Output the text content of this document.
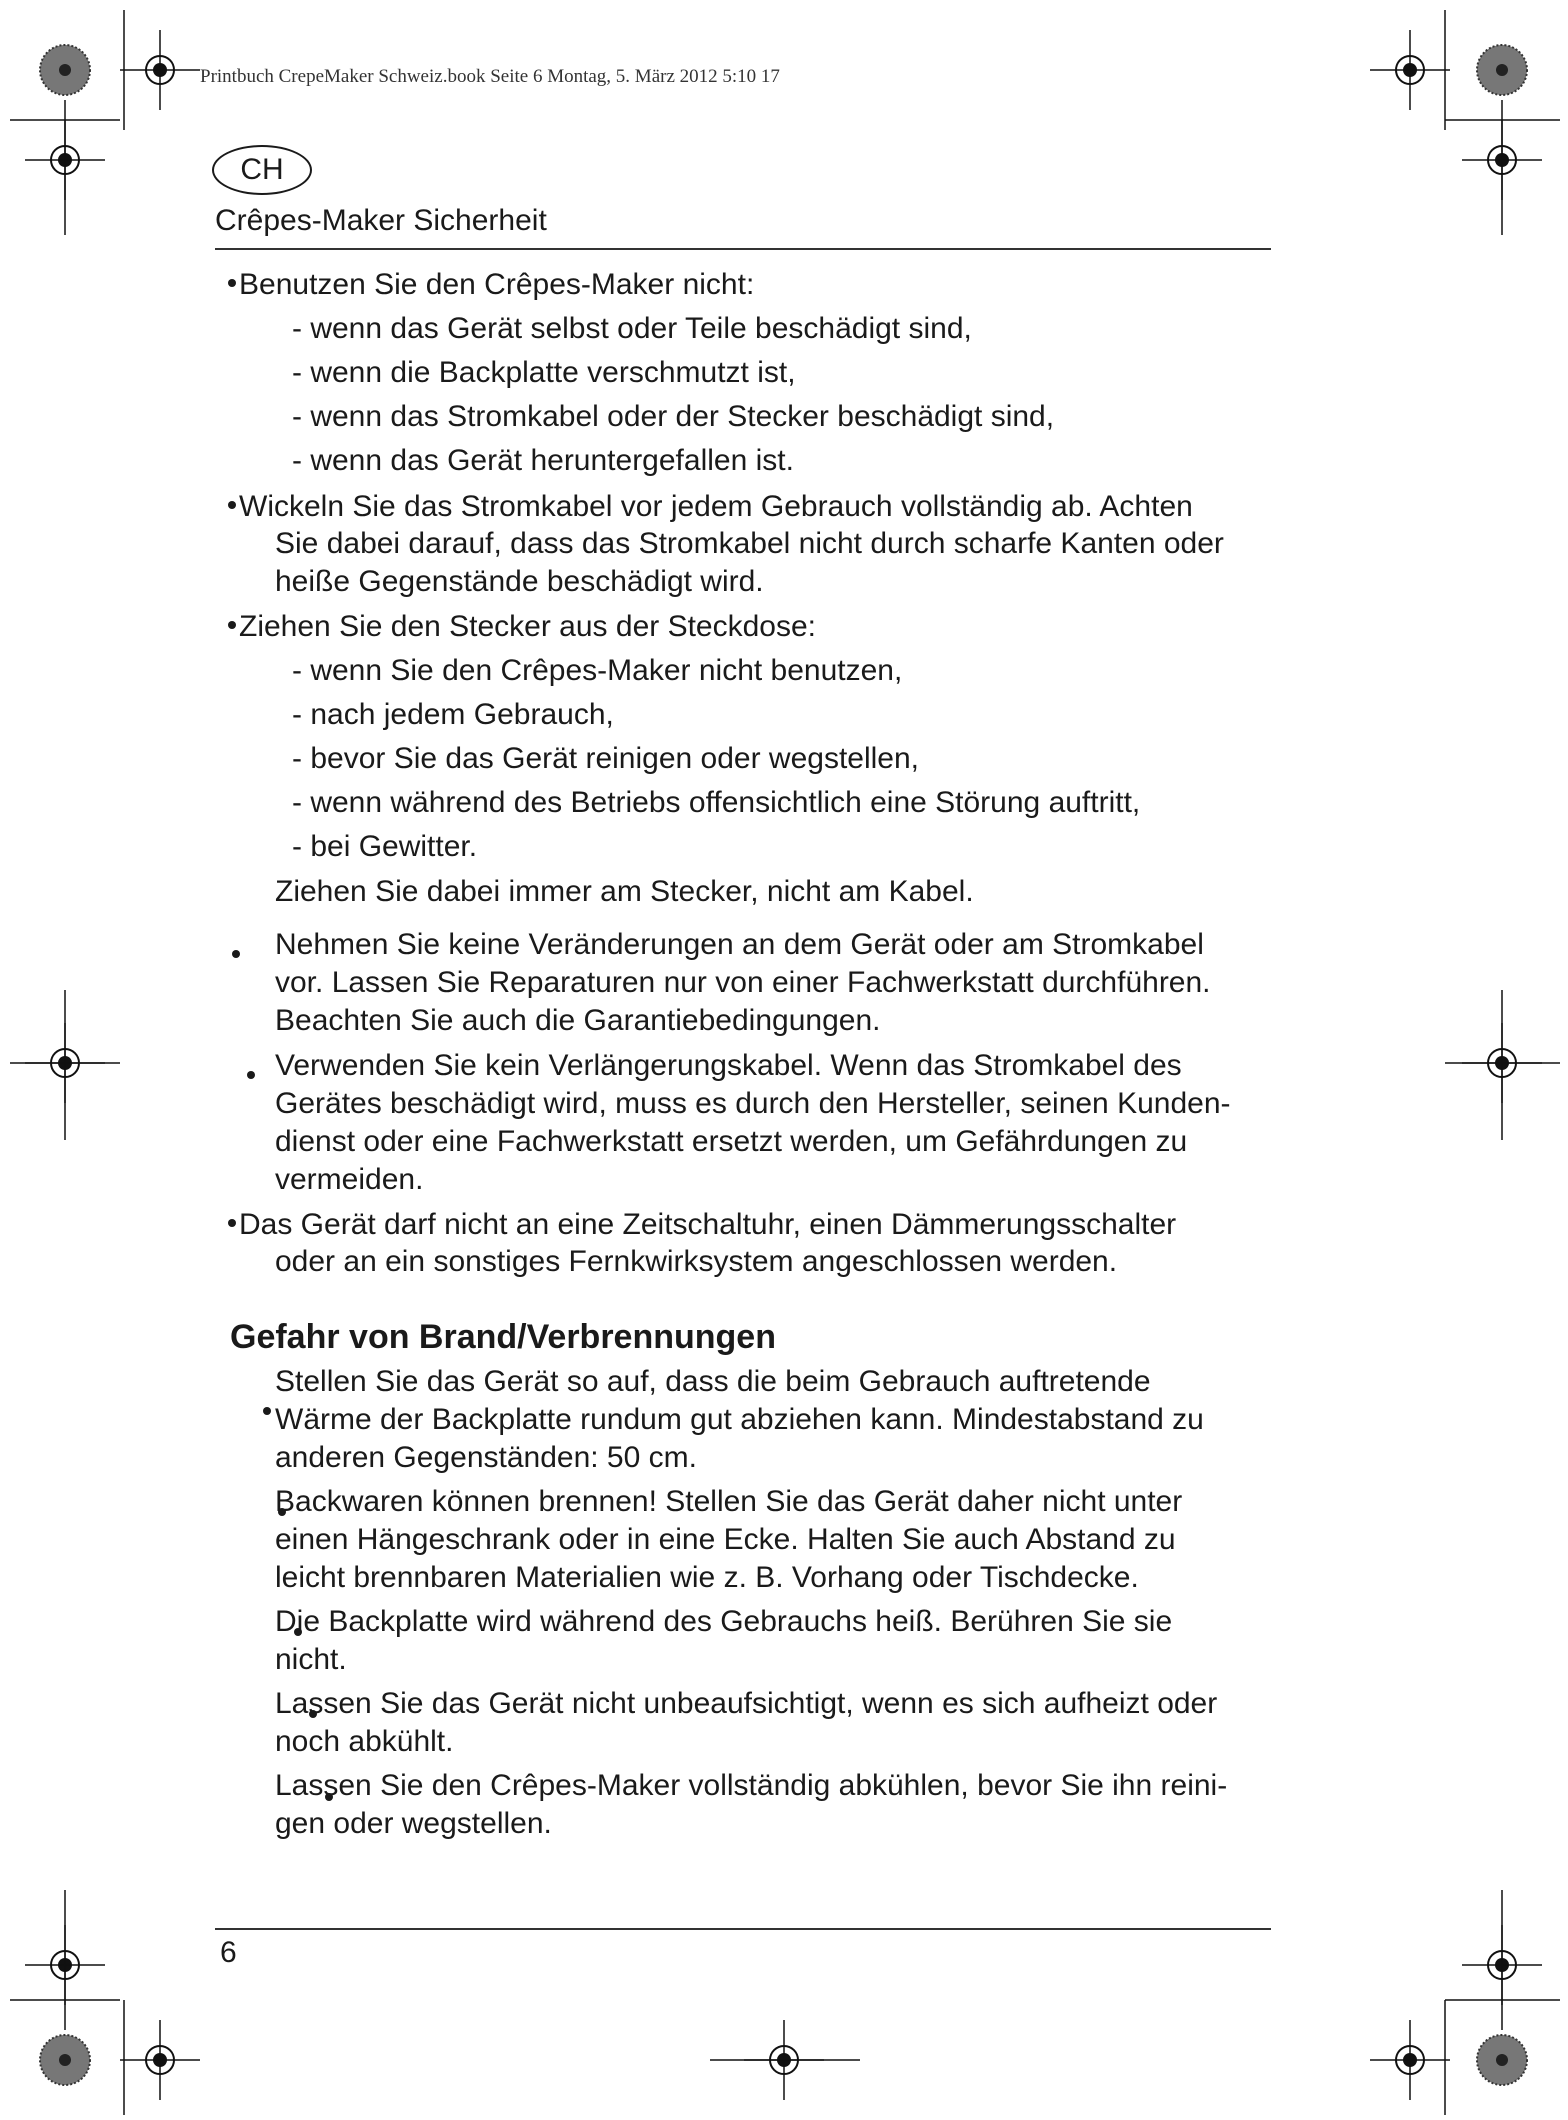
Printbuch CrepeMaker Schweiz.book Seite 6 Montag, 5. März 2012 5:10 17
CH
Crêpes-Maker Sicherheit
Benutzen Sie den Crêpes-Maker nicht:
- wenn das Gerät selbst oder Teile beschädigt sind,
- wenn die Backplatte verschmutzt ist,
- wenn das Stromkabel oder der Stecker beschädigt sind,
- wenn das Gerät heruntergefallen ist.
Wickeln Sie das Stromkabel vor jedem Gebrauch vollständig ab. Achten
Sie dabei darauf, dass das Stromkabel nicht durch scharfe Kanten oder
heiße Gegenstände beschädigt wird.
Ziehen Sie den Stecker aus der Steckdose:
- wenn Sie den Crêpes-Maker nicht benutzen,
- nach jedem Gebrauch,
- bevor Sie das Gerät reinigen oder wegstellen,
- wenn während des Betriebs offensichtlich eine Störung auftritt,
- bei Gewitter.
Ziehen Sie dabei immer am Stecker, nicht am Kabel.

Nehmen Sie keine Veränderungen an dem Gerät oder am Stromkabel
vor. Lassen Sie Reparaturen nur von einer Fachwerkstatt durchführen.
Beachten Sie auch die Garantiebedingungen.

Verwenden Sie kein Verlängerungskabel. Wenn das Stromkabel des
Gerätes beschädigt wird, muss es durch den Hersteller, seinen Kunden-
dienst oder eine Fachwerkstatt ersetzt werden, um Gefährdungen zu
vermeiden.
Das Gerät darf nicht an eine Zeitschaltuhr, einen Dämmerungsschalter
oder an ein sonstiges Fernkwirksystem angeschlossen werden.
Gefahr von Brand/Verbrennungen

Stellen Sie das Gerät so auf, dass die beim Gebrauch auftretende
Wärme der Backplatte rundum gut abziehen kann. Mindestabstand zu
anderen Gegenständen: 50 cm.

Backwaren können brennen! Stellen Sie das Gerät daher nicht unter
einen Hängeschrank oder in eine Ecke. Halten Sie auch Abstand zu
leicht brennbaren Materialien wie z. B. Vorhang oder Tischdecke.

Die Backplatte wird während des Gebrauchs heiß. Berühren Sie sie
nicht.

Lassen Sie das Gerät nicht unbeaufsichtigt, wenn es sich aufheizt oder
noch abkühlt.
Lassen Sie den Crêpes-Maker vollständig abkühlen, bevor Sie ihn reini-
gen oder wegstellen.
6
